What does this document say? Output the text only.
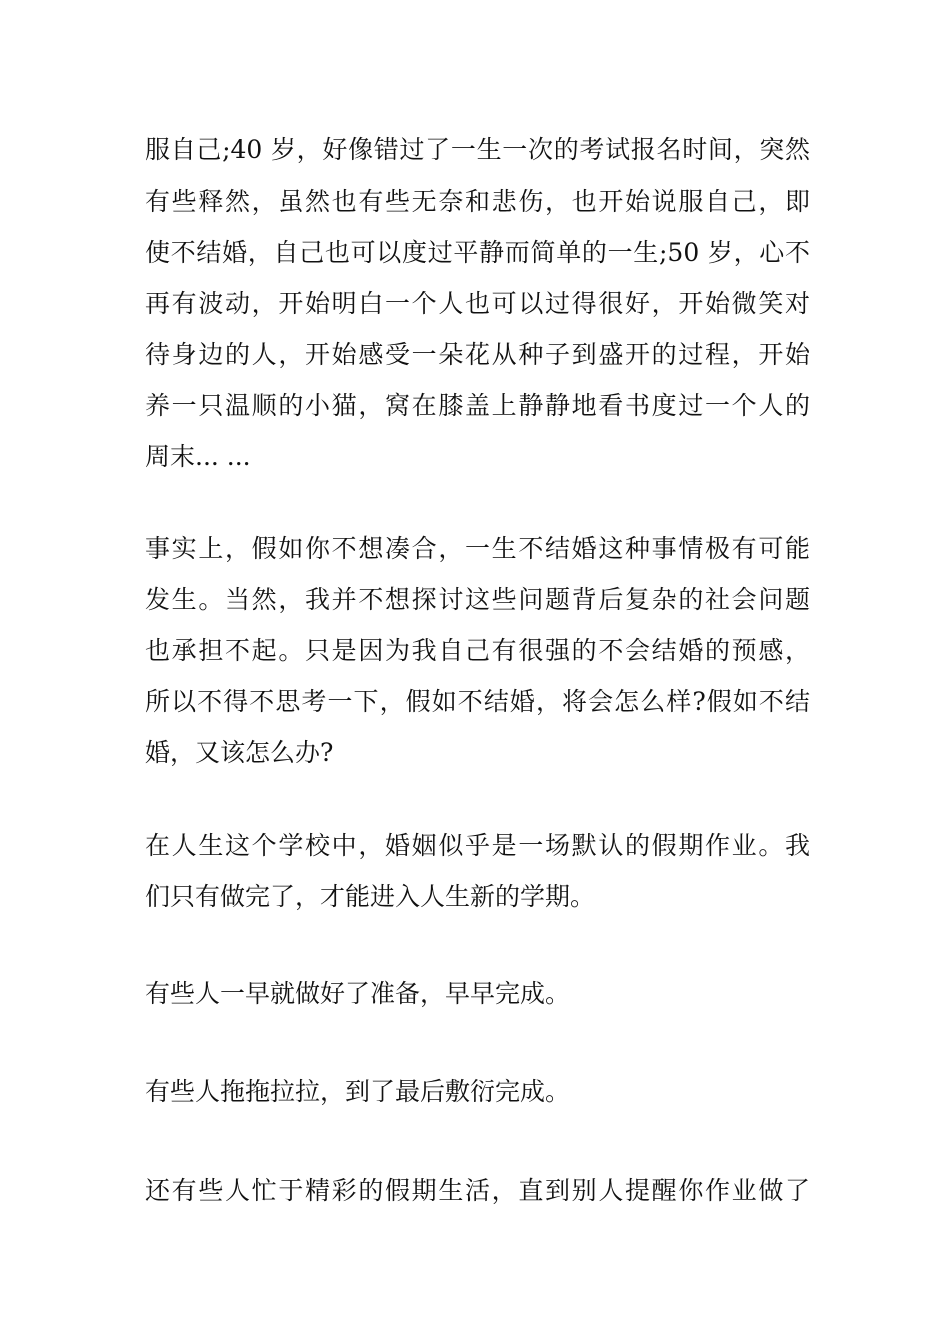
服自己;40 岁，好像错过了一生一次的考试报名时间，突然
有些释然，虽然也有些无奈和悲伤，也开始说服自己，即
使不结婚，自己也可以度过平静而简单的一生;50 岁，心不
再有波动，开始明白一个人也可以过得很好，开始微笑对
待身边的人，开始感受一朵花从种子到盛开的过程，开始
养一只温顺的小猫，窝在膝盖上静静地看书度过一个人的
周末... ...
事实上，假如你不想凑合，一生不结婚这种事情极有可能
发生。当然，我并不想探讨这些问题背后复杂的社会问题
也承担不起。只是因为我自己有很强的不会结婚的预感，
所以不得不思考一下，假如不结婚，将会怎么样?假如不结
婚，又该怎么办?
在人生这个学校中，婚姻似乎是一场默认的假期作业。我
们只有做完了，才能进入人生新的学期。
有些人一早就做好了准备，早早完成。
有些人拖拖拉拉，到了最后敷衍完成。
还有些人忙于精彩的假期生活，直到别人提醒你作业做了
